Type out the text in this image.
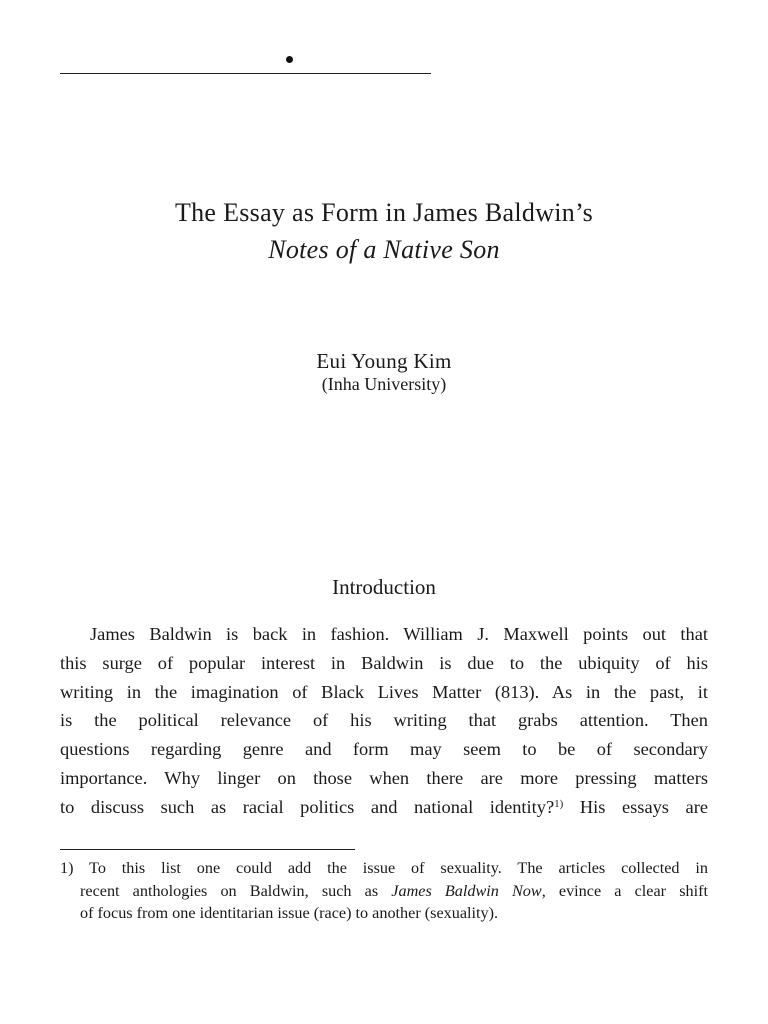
The Essay as Form in James Baldwin’s
Notes of a Native Son
Eui Young Kim
(Inha University)
Introduction
James Baldwin is back in fashion. William J. Maxwell points out that
this surge of popular interest in Baldwin is due to the ubiquity of his
writing in the imagination of Black Lives Matter (813). As in the past, it
is the political relevance of his writing that grabs attention. Then
questions regarding genre and form may seem to be of secondary
importance. Why linger on those when there are more pressing matters
to discuss such as racial politics and national identity?$^{1)}$ His essays are
1) To this list one could add the issue of sexuality. The articles collected in
recent anthologies on Baldwin, such as James Baldwin Now, evince a clear shift
of focus from one identitarian issue (race) to another (sexuality).
